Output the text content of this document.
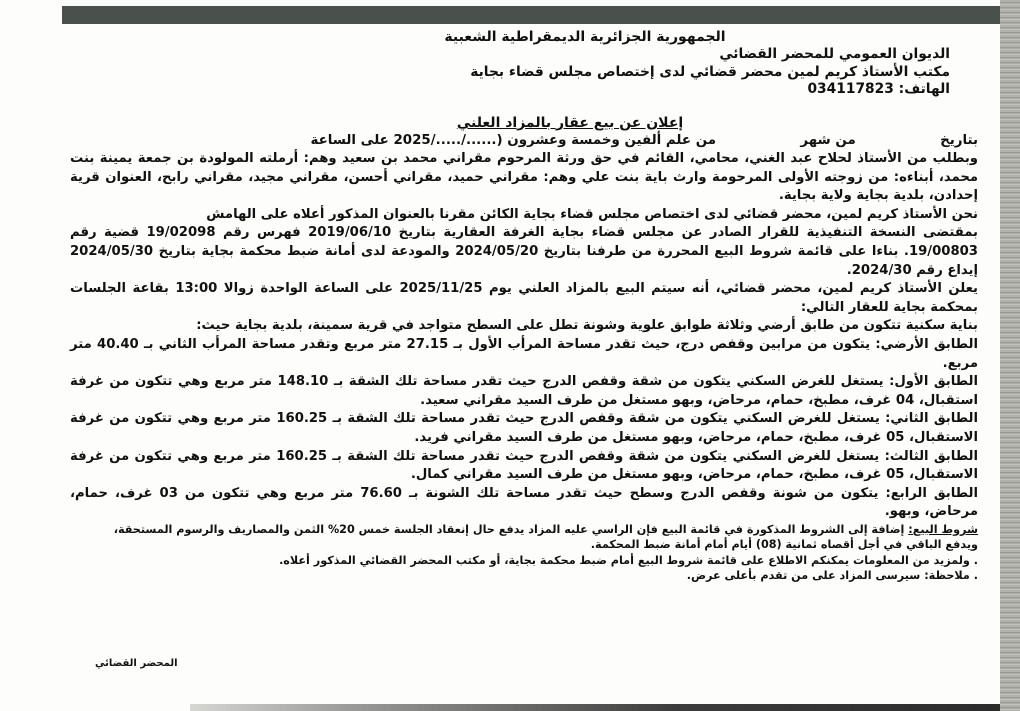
الجمهورية الجزائرية الديمقراطية الشعبية
الديوان العمومي للمحضر القضائي
مكتب الأستاذ كريم لمين محضر قضائي لدى إختصاص مجلس قضاء بجاية
الهاتف: 034117823
إعلان عن بيع عقار بالمزاد العلني
بتاريخ  من شهر  من علم ألفين وخمسة وعشرون (....../...../2025 على الساعة
وبطلب من الأستاذ لحلاح عبد الغني، محامي، القائم في حق ورثة المرحوم مقراني محمد بن سعيد وهم: أرملته المولودة بن جمعة يمينة بنت محمد، أبناءه: من زوجته الأولى المرحومة وارث باية بنت علي وهم: مقراني حميد، مقراني أحسن، مقراني مجيد، مقراني رابح، العنوان قرية إحدادن، بلدية بجاية ولاية بجاية.
نحن الأستاذ كريم لمين، محضر قضائي لدى اختصاص مجلس قضاء بجاية الكائن مقرنا بالعنوان المذكور أعلاه على الهامش
بمقتضى النسخة التنفيذية للقرار الصادر عن مجلس قضاء بجاية الغرفة العقارية بتاريخ 2019/06/10 فهرس رقم 19/02098 قضية رقم 19/00803. بناءا على قائمة شروط البيع المحررة من طرفنا بتاريخ 2024/05/20 والمودعة لدى أمانة ضبط محكمة بجاية بتاريخ 2024/05/30 إيداع رقم 2024/30.
يعلن الأستاذ كريم لمين، محضر قضائي، أنه سيتم البيع بالمزاد العلني يوم 2025/11/25 على الساعة الواحدة زوالا 13:00 بقاعة الجلسات بمحكمة بجاية للعقار التالي:
بناية سكنية تتكون من طابق أرضي وثلاثة طوابق علوية وشونة تطل على السطح متواجد في قرية سمينة، بلدية بجاية حيث:
الطابق الأرضي: يتكون من مرابين وقفص درج، حيث تقدر مساحة المرأب الأول بـ 27.15 متر مربع وتقدر مساحة المرأب الثاني بـ 40.40 متر مربع.
الطابق الأول: يستغل للغرض السكني يتكون من شقة وقفص الدرج حيث تقدر مساحة تلك الشقة بـ 148.10 متر مربع وهي تتكون من غرفة استقبال، 04 غرف، مطبخ، حمام، مرحاض، وبهو مستغل من طرف السيد مقراني سعيد.
الطابق الثاني: يستغل للغرض السكني يتكون من شقة وقفص الدرج حيث تقدر مساحة تلك الشقة بـ 160.25 متر مربع وهي تتكون من غرفة الاستقبال، 05 غرف، مطبخ، حمام، مرحاض، وبهو مستغل من طرف السيد مقراني فريد.
الطابق الثالث: يستغل للغرض السكني يتكون من شقة وقفص الدرج حيث تقدر مساحة تلك الشقة بـ 160.25 متر مربع وهي تتكون من غرفة الاستقبال، 05 غرف، مطبخ، حمام، مرحاض، وبهو مستغل من طرف السيد مقراني كمال.
الطابق الرابع: يتكون من شونة وقفص الدرج وسطح حيث تقدر مساحة تلك الشونة بـ 76.60 متر مربع وهي تتكون من 03 غرف، حمام، مرحاض، وبهو.
شروط البيع: إضافة إلى الشروط المذكورة في قائمة البيع فإن الراسي عليه المزاد يدفع حال إنعقاد الجلسة خمس 20% الثمن والمصاريف والرسوم المستحقة،
ويدفع الباقي في أجل أقصاه ثمانية (08) أيام أمام أمانة ضبط المحكمة.
. ولمزيد من المعلومات يمكنكم الاطلاع على قائمة شروط البيع أمام ضبط محكمة بجاية، أو مكتب المحضر القضائي المذكور أعلاه.
. ملاحظة: سيرسى المزاد على من تقدم بأعلى عرض.
المحضر القضائي
